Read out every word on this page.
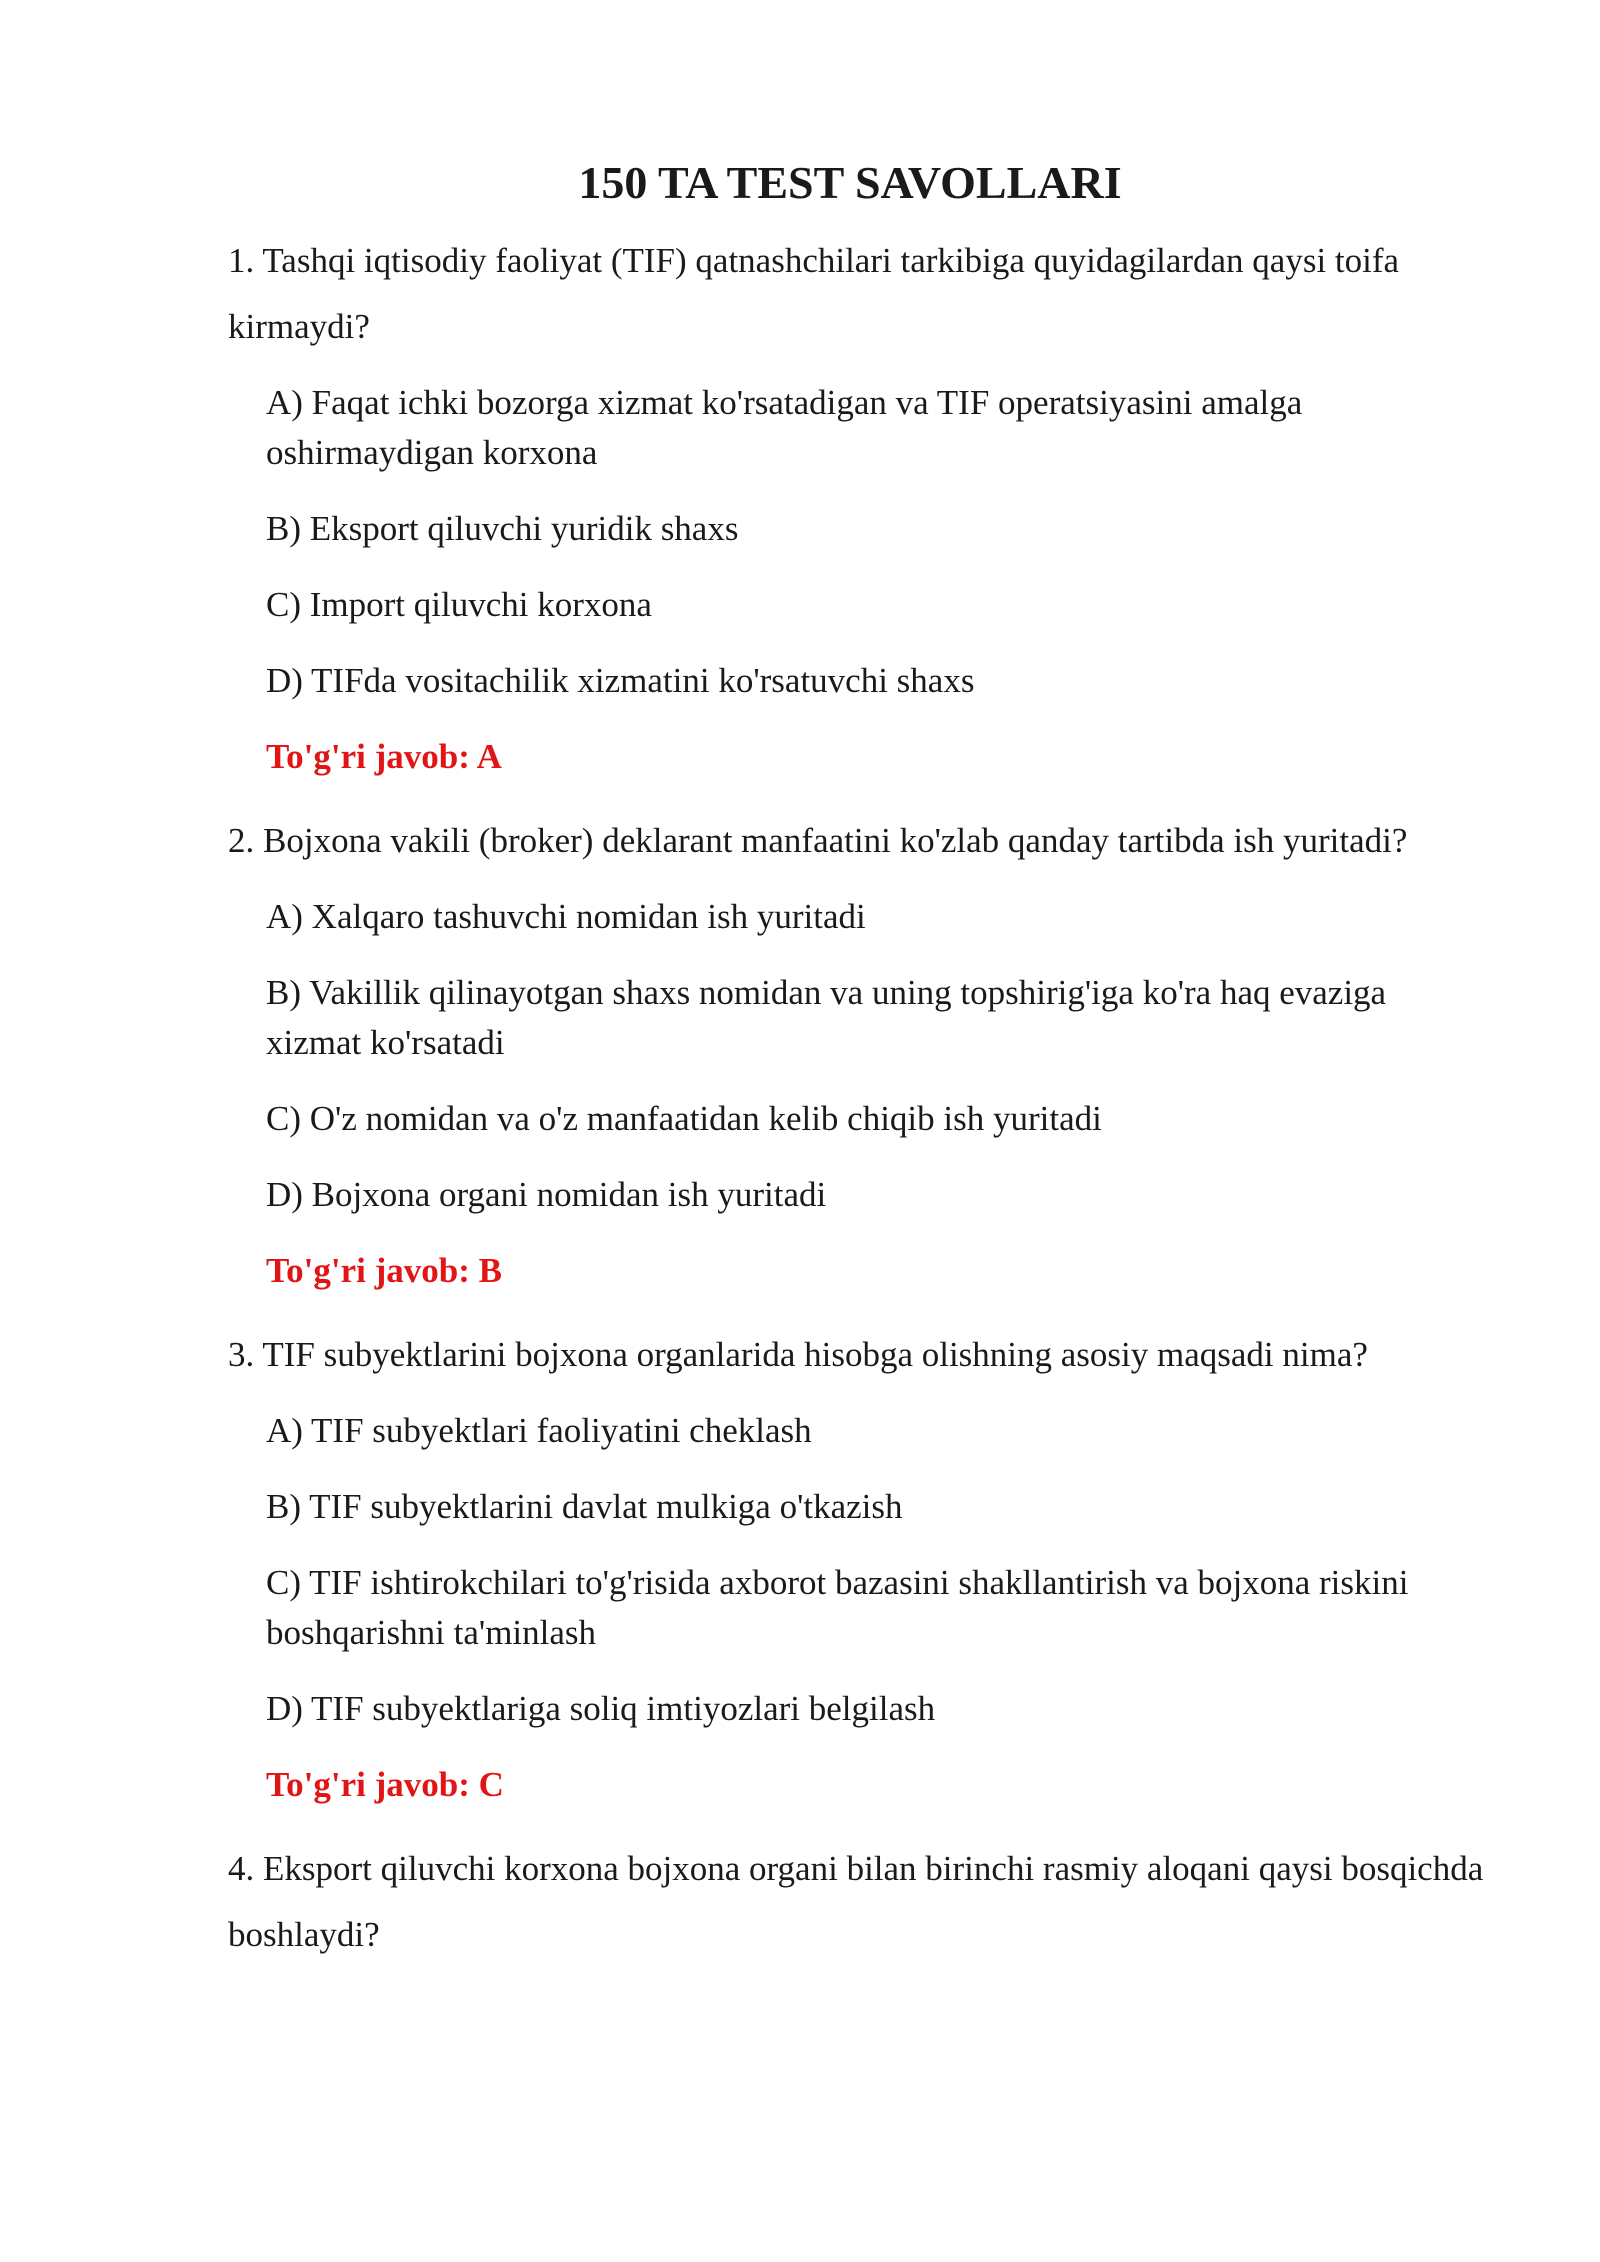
150 TA TEST SAVOLLARI

1. Tashqi iqtisodiy faoliyat (TIF) qatnashchilari tarkibiga quyidagilardan qaysi toifa kirmaydi?

A) Faqat ichki bozorga xizmat ko'rsatadigan va TIF operatsiyasini amalga oshirmaydigan korxona

B) Eksport qiluvchi yuridik shaxs

C) Import qiluvchi korxona

D) TIFda vositachilik xizmatini ko'rsatuvchi shaxs

To'g'ri javob: A

2. Bojxona vakili (broker) deklarant manfaatini ko'zlab qanday tartibda ish yuritadi?

A) Xalqaro tashuvchi nomidan ish yuritadi

B) Vakillik qilinayotgan shaxs nomidan va uning topshirig'iga ko'ra haq evaziga xizmat ko'rsatadi

C) O'z nomidan va o'z manfaatidan kelib chiqib ish yuritadi

D) Bojxona organi nomidan ish yuritadi

To'g'ri javob: B

3. TIF subyektlarini bojxona organlarida hisobga olishning asosiy maqsadi nima?

A) TIF subyektlari faoliyatini cheklash

B) TIF subyektlarini davlat mulkiga o'tkazish

C) TIF ishtirokchilari to'g'risida axborot bazasini shakllantirish va bojxona riskini boshqarishni ta'minlash

D) TIF subyektlariga soliq imtiyozlari belgilash

To'g'ri javob: C

4. Eksport qiluvchi korxona bojxona organi bilan birinchi rasmiy aloqani qaysi bosqichda boshlaydi?
